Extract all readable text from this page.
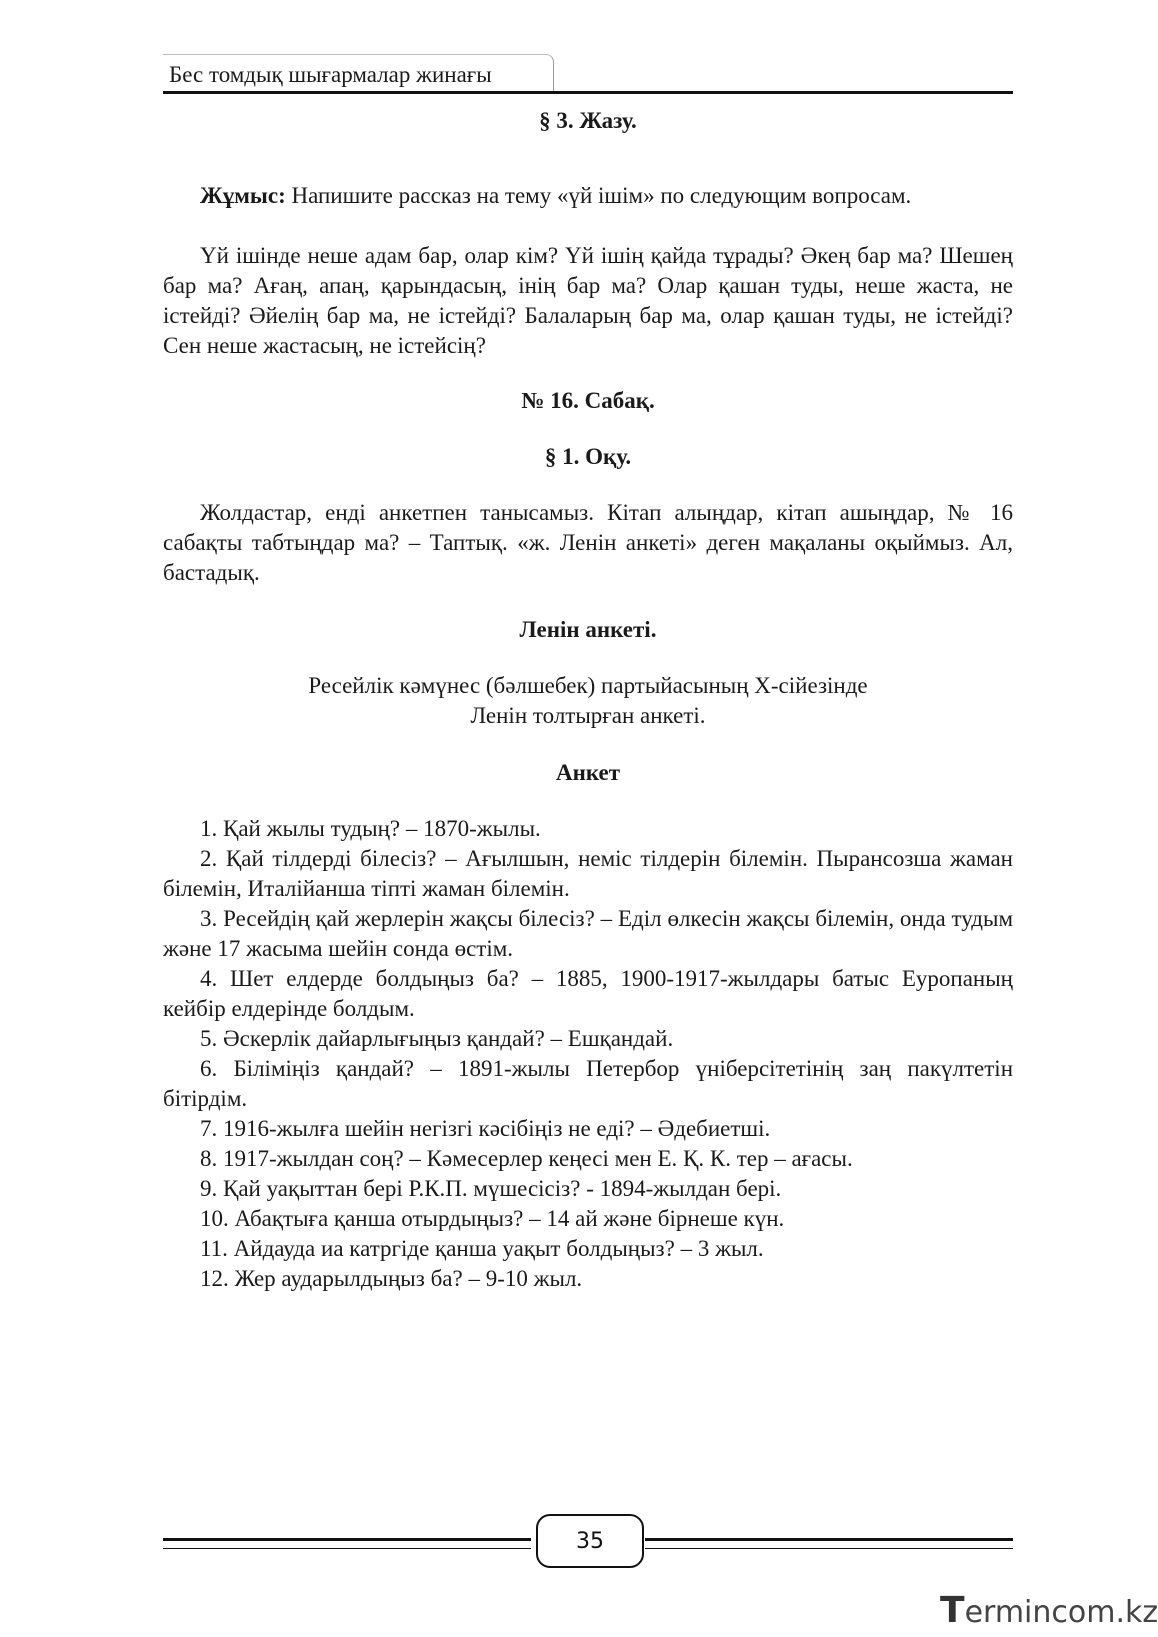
Бес томдық шығармалар жинағы

§ 3. Жазу.

Жұмыс: Напишите рассказ на тему «үй ішім» по следующим вопросам.

Үй ішінде неше адам бар, олар кім? Үй ішің қайда тұрады? Әкең бар ма? Шешең бар ма? Ағаң, апаң, қарындасың, інің бар ма? Олар қашан туды, неше жаста, не істейді? Әйелің бар ма, не істейді? Балаларың бар ма, олар қашан туды, не істейді? Сен неше жастасың, не істейсің?

№ 16. Сабақ.

§ 1. Оқу.

Жолдастар, енді анкетпен танысамыз. Кітап алыңдар, кітап ашыңдар, № 16 сабақты табтыңдар ма? – Таптық. «ж. Ленін анкеті» деген мақаланы оқыймыз. Ал, бастадық.

Ленін анкеті.

Ресейлік кәмүнес (бәлшебек) партыйасының Х-сійезінде

Ленін толтырған анкеті.

Анкет

1. Қай жылы тудың? – 1870-жылы.
2. Қай тілдерді білесіз? – Ағылшын, неміс тілдерін білемін. Пырансозша жаман білемін, Италійанша тіпті жаман білемін.
3. Ресейдің қай жерлерін жақсы білесіз? – Еділ өлкесін жақсы білемін, онда тудым және 17 жасыма шейін сонда өстім.
4. Шет елдерде болдыңыз ба? – 1885, 1900-1917-жылдары батыс Еуропаның кейбір елдерінде болдым.
5. Әскерлік дайарлығыңыз қандай? – Ешқандай.
6. Біліміңіз қандай? – 1891-жылы Петербор үніберсітетінің заң пакүлтетін бітірдім.
7. 1916-жылға шейін негізгі кәсібіңіз не еді? – Әдебиетші.
8. 1917-жылдан соң? – Кәмесерлер кеңесі мен Е. Қ. К. тер – ағасы.
9. Қай уақыттан бері Р.К.П. мүшесісіз? - 1894-жылдан бері.
10. Абақтыға қанша отырдыңыз? – 14 ай және бірнеше күн.
11. Айдауда иа катргіде қанша уақыт болдыңыз? – 3 жыл.
12. Жер аударылдыңыз ба? – 9-10 жыл.
35
Termincom.kz
